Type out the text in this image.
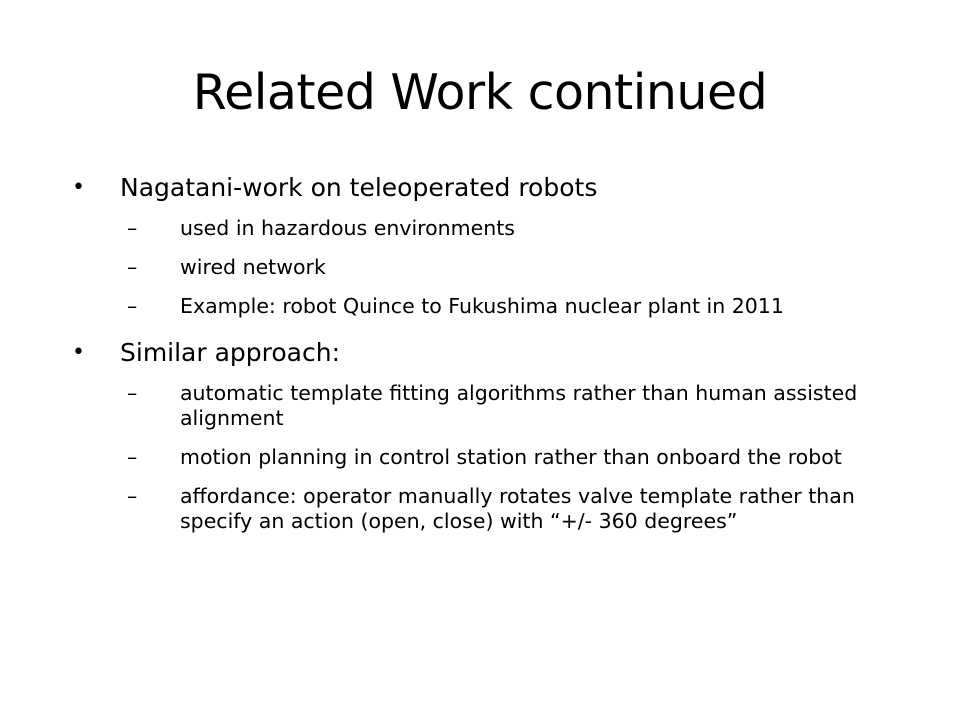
Related Work continued
• Nagatani-work on teleoperated robots
– used in hazardous environments
– wired network
– Example: robot Quince to Fukushima nuclear plant in 2011
• Similar approach:
– automatic template fitting algorithms rather than human assisted alignment
– motion planning in control station rather than onboard the robot
– affordance: operator manually rotates valve template rather than specify an action (open, close) with “+/- 360 degrees”
